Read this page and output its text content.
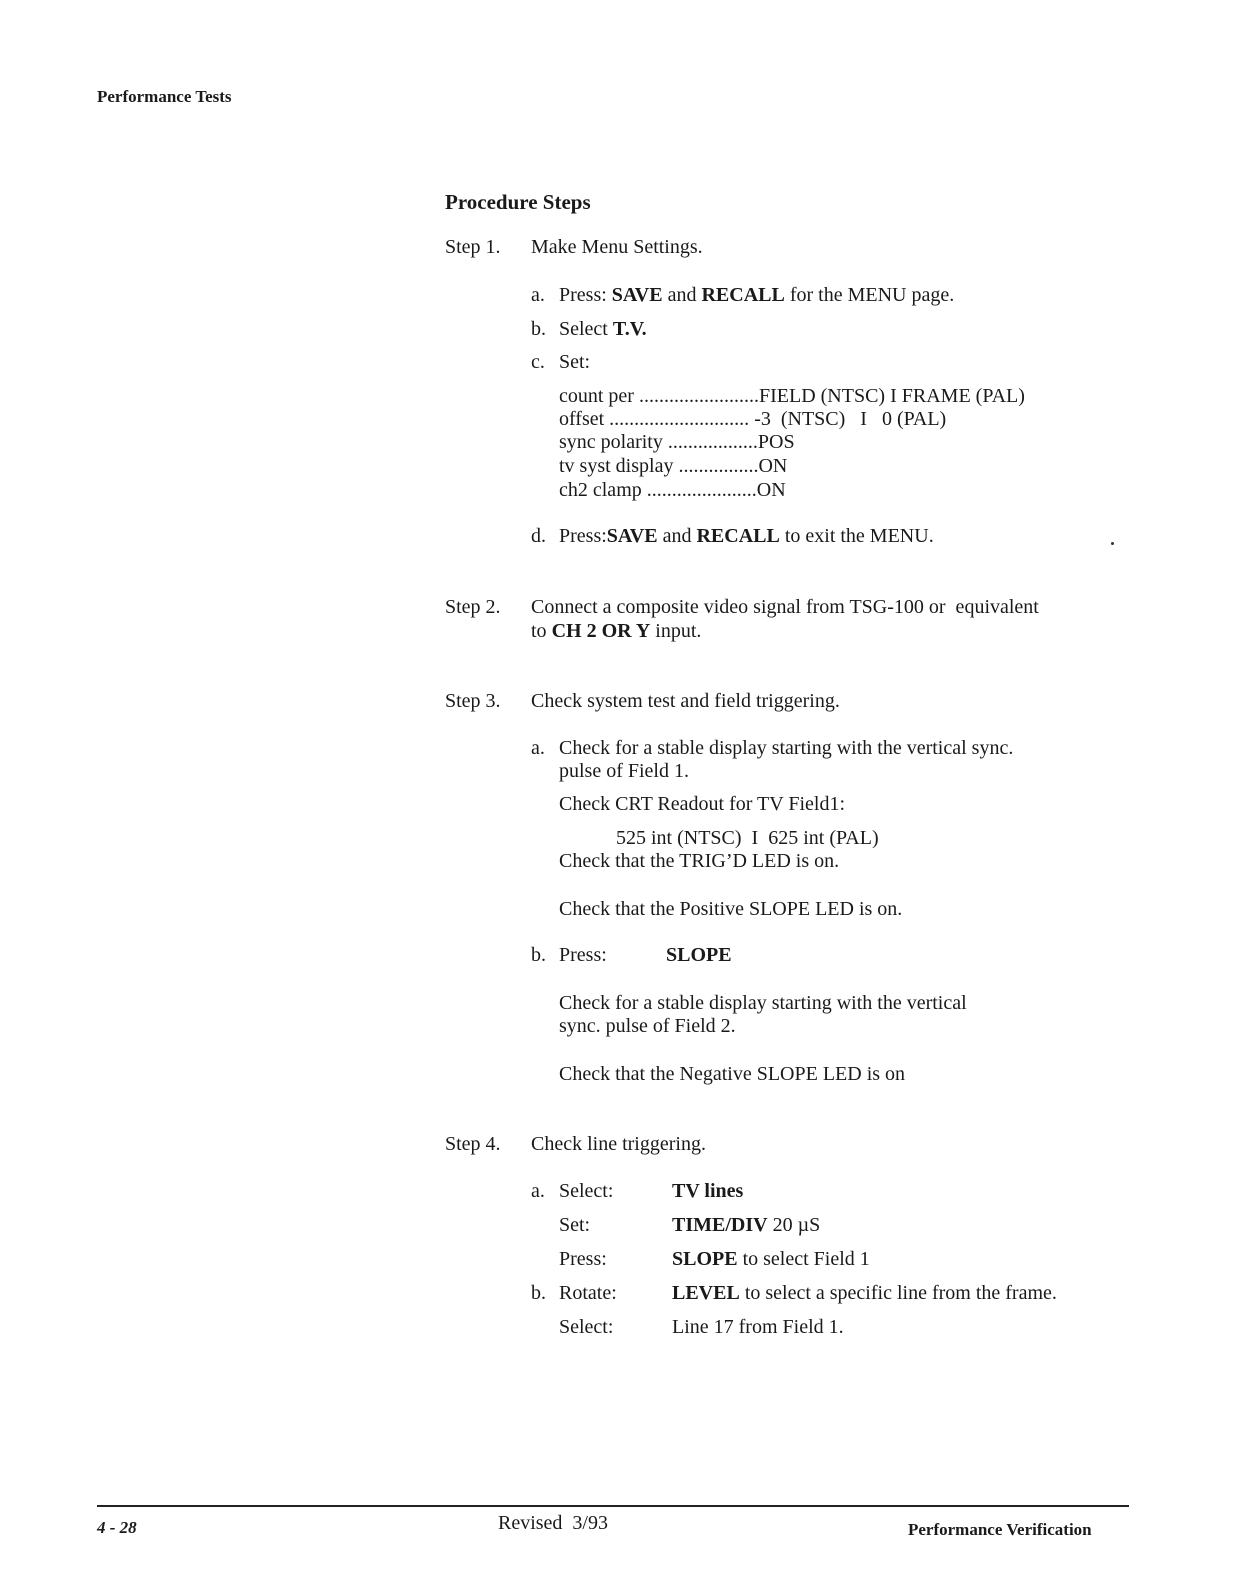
Performance Tests
Procedure Steps
Step 1. Make Menu Settings.
a. Press: SAVE and RECALL for the MENU page.
b. Select T.V.
c. Set:
count per ........................FIELD (NTSC) I FRAME (PAL)
offset ............................ -3  (NTSC)   I   0 (PAL)
sync polarity ..................POS
tv syst display ................ON
ch2 clamp ......................ON
d. Press:SAVE and RECALL to exit the MENU.
Step 2. Connect a composite video signal from TSG-100 or  equivalent
to CH 2 OR Y input.
Step 3. Check system test and field triggering.
a. Check for a stable display starting with the vertical sync.
pulse of Field 1.
Check CRT Readout for TV Field1:
525 int (NTSC)  I  625 int (PAL)
Check that the TRIG’D LED is on.
Check that the Positive SLOPE LED is on.
b. Press:	SLOPE
Check for a stable display starting with the vertical
sync. pulse of Field 2.
Check that the Negative SLOPE LED is on
Step 4. Check line triggering.
a. Select:	TV lines
Set:	TIME/DIV 20 µS
Press:	SLOPE to select Field 1
b. Rotate:	LEVEL to select a specific line from the frame.
Select:	Line 17 from Field 1.
4 - 28	Revised  3/93	Performance Verification
